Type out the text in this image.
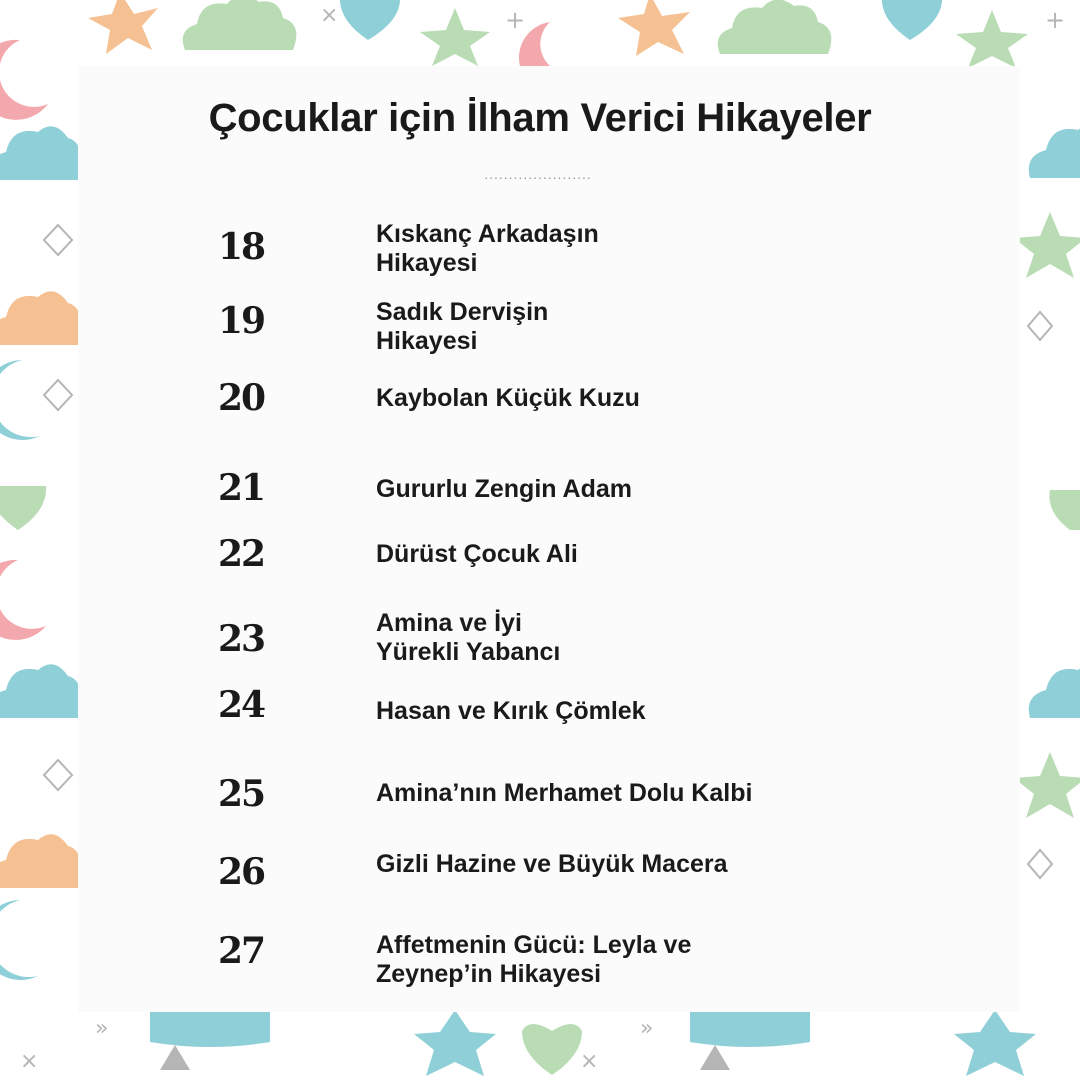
×	+	+
»	»
×	×
Çocuklar için İlham Verici Hikayeler
......................
18	Kıskanç Arkadaşın
Hikayesi
19	Sadık Dervişin
Hikayesi
20	Kaybolan Küçük Kuzu
21	Gururlu Zengin Adam
22	Dürüst Çocuk Ali
23	Amina ve İyi
Yürekli Yabancı
24	Hasan ve Kırık Çömlek
25	Amina’nın Merhamet Dolu Kalbi
26	Gizli Hazine ve Büyük Macera
27	Affetmenin Gücü: Leyla ve
Zeynep’in Hikayesi
